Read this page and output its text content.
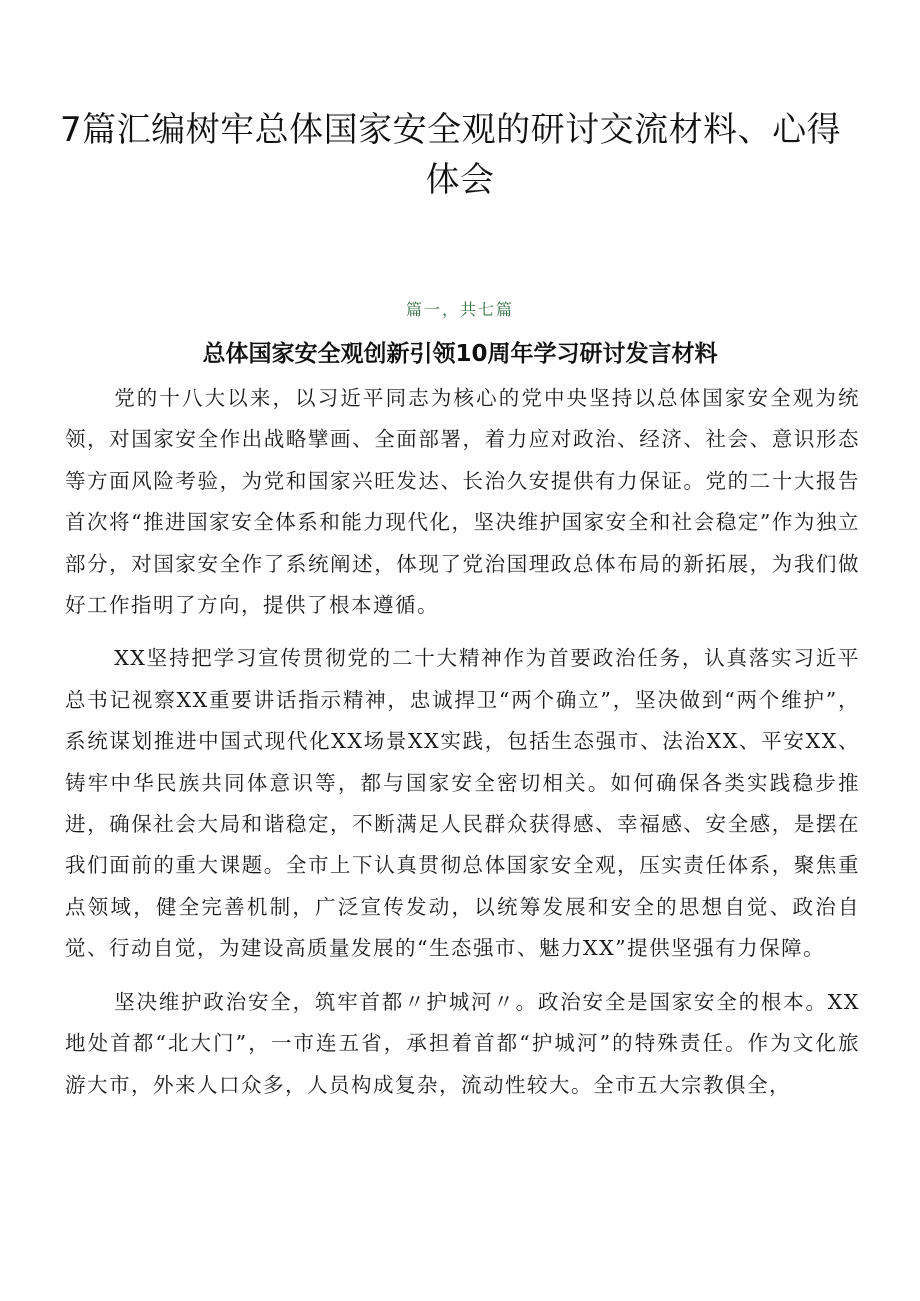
7篇汇编树牢总体国家安全观的研讨交流材料、心得
体会
篇一，共七篇
总体国家安全观创新引领10周年学习研讨发言材料

党的十八大以来，以习近平同志为核心的党中央坚持以总体国家安全观为统领，对国家安全作出战略擘画、全面部署，着力应对政治、经济、社会、意识形态等方面风险考验，为党和国家兴旺发达、长治久安提供有力保证。党的二十大报告首次将“推进国家安全体系和能力现代化，坚决维护国家安全和社会稳定”作为独立部分，对国家安全作了系统阐述，体现了党治国理政总体布局的新拓展，为我们做好工作指明了方向，提供了根本遵循。

XX坚持把学习宣传贯彻党的二十大精神作为首要政治任务，认真落实习近平总书记视察XX重要讲话指示精神，忠诚捍卫“两个确立”，坚决做到“两个维护”，系统谋划推进中国式现代化XX场景XX实践，包括生态强市、法治XX、平安XX、铸牢中华民族共同体意识等，都与国家安全密切相关。如何确保各类实践稳步推进，确保社会大局和谐稳定，不断满足人民群众获得感、幸福感、安全感，是摆在我们面前的重大课题。全市上下认真贯彻总体国家安全观，压实责任体系，聚焦重点领域，健全完善机制，广泛宣传发动，以统筹发展和安全的思想自觉、政治自觉、行动自觉，为建设高质量发展的“生态强市、魅力XX”提供坚强有力保障。

坚决维护政治安全，筑牢首都〃护城河〃。政治安全是国家安全的根本。XX地处首都“北大门”，一市连五省，承担着首都“护城河”的特殊责任。作为文化旅游大市，外来人口众多，人员构成复杂，流动性较大。全市五大宗教俱全，
